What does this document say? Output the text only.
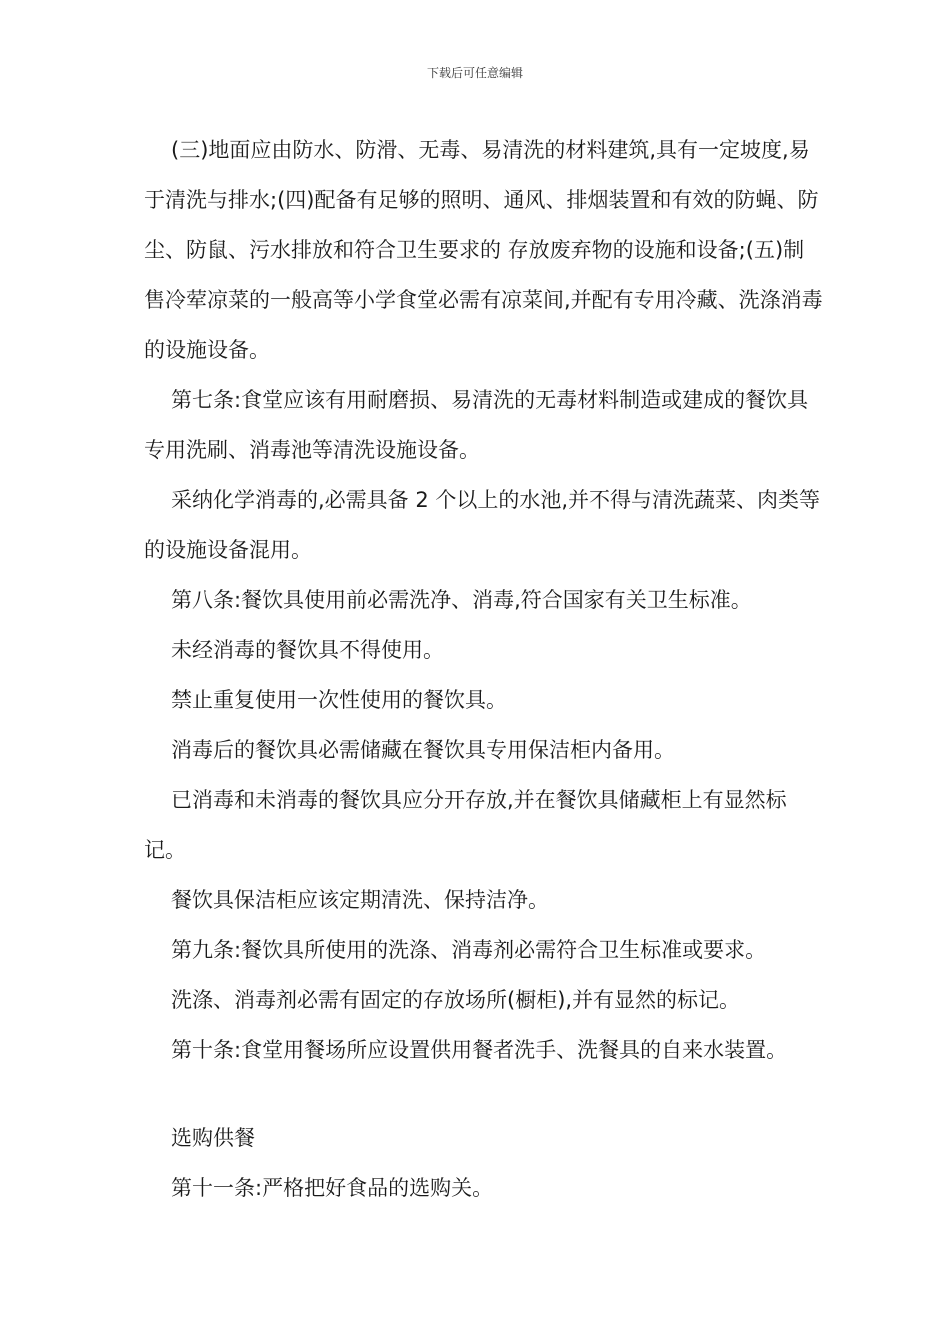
下载后可任意编辑

(三)地面应由防水、防滑、无毒、易清洗的材料建筑,具有一定坡度,易于清洗与排水;(四)配备有足够的照明、通风、排烟装置和有效的防蝇、防尘、防鼠、污水排放和符合卫生要求的 存放废弃物的设施和设备;(五)制售冷荤凉菜的一般高等小学食堂必需有凉菜间,并配有专用冷藏、洗涤消毒的设施设备。

第七条:食堂应该有用耐磨损、易清洗的无毒材料制造或建成的餐饮具专用洗刷、消毒池等清洗设施设备。

采纳化学消毒的,必需具备 2 个以上的水池,并不得与清洗蔬菜、肉类等的设施设备混用。

第八条:餐饮具使用前必需洗净、消毒,符合国家有关卫生标准。

未经消毒的餐饮具不得使用。

禁止重复使用一次性使用的餐饮具。

消毒后的餐饮具必需储藏在餐饮具专用保洁柜内备用。

已消毒和未消毒的餐饮具应分开存放,并在餐饮具储藏柜上有显然标记。

餐饮具保洁柜应该定期清洗、保持洁净。

第九条:餐饮具所使用的洗涤、消毒剂必需符合卫生标准或要求。

洗涤、消毒剂必需有固定的存放场所(橱柜),并有显然的标记。

第十条:食堂用餐场所应设置供用餐者洗手、洗餐具的自来水装置。

选购供餐

第十一条:严格把好食品的选购关。
